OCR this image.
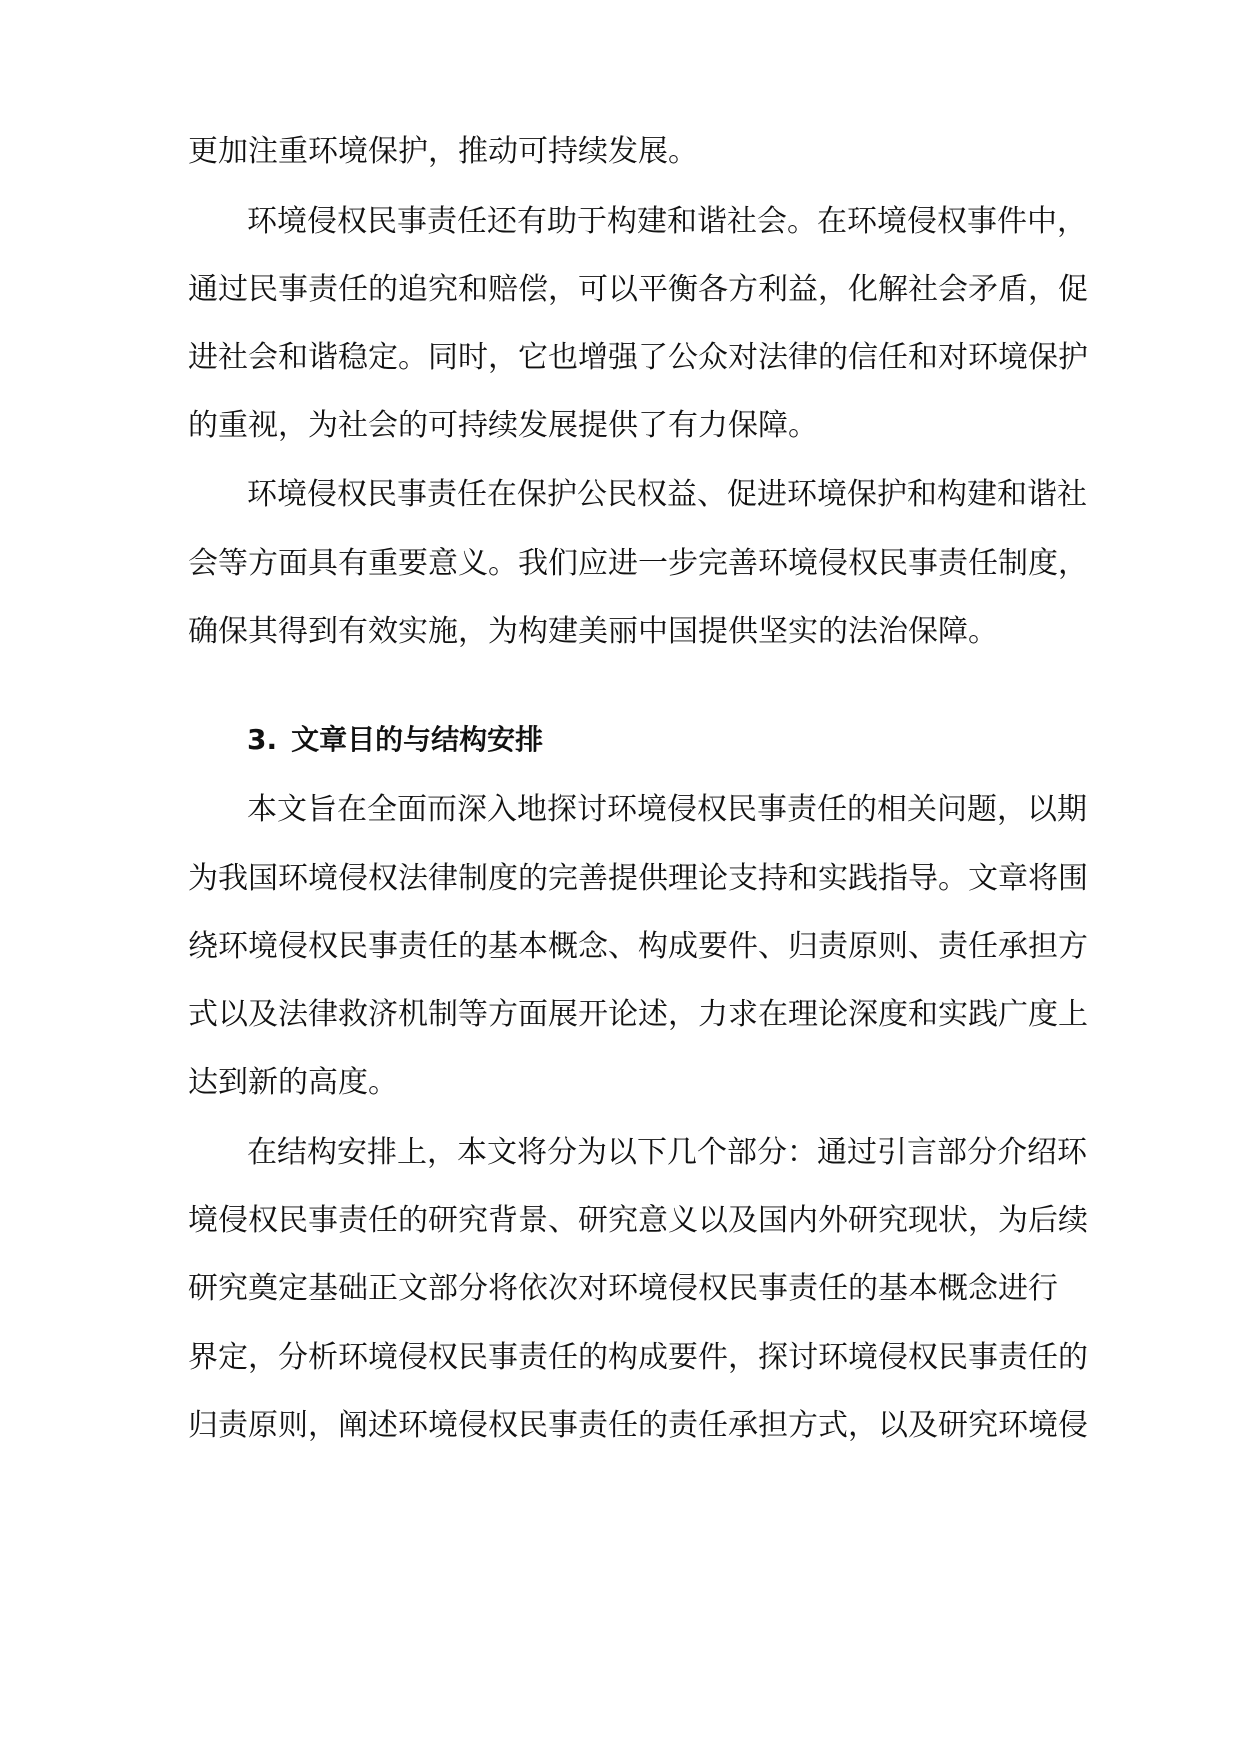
更加注重环境保护，推动可持续发展。
环境侵权民事责任还有助于构建和谐社会。在环境侵权事件中，
通过民事责任的追究和赔偿，可以平衡各方利益，化解社会矛盾，促
进社会和谐稳定。同时，它也增强了公众对法律的信任和对环境保护
的重视，为社会的可持续发展提供了有力保障。
环境侵权民事责任在保护公民权益、促进环境保护和构建和谐社
会等方面具有重要意义。我们应进一步完善环境侵权民事责任制度，
确保其得到有效实施，为构建美丽中国提供坚实的法治保障。
3. 文章目的与结构安排
本文旨在全面而深入地探讨环境侵权民事责任的相关问题，以期
为我国环境侵权法律制度的完善提供理论支持和实践指导。文章将围
绕环境侵权民事责任的基本概念、构成要件、归责原则、责任承担方
式以及法律救济机制等方面展开论述，力求在理论深度和实践广度上
达到新的高度。
在结构安排上，本文将分为以下几个部分：通过引言部分介绍环
境侵权民事责任的研究背景、研究意义以及国内外研究现状，为后续
研究奠定基础正文部分将依次对环境侵权民事责任的基本概念进行
界定，分析环境侵权民事责任的构成要件，探讨环境侵权民事责任的
归责原则，阐述环境侵权民事责任的责任承担方式，以及研究环境侵
